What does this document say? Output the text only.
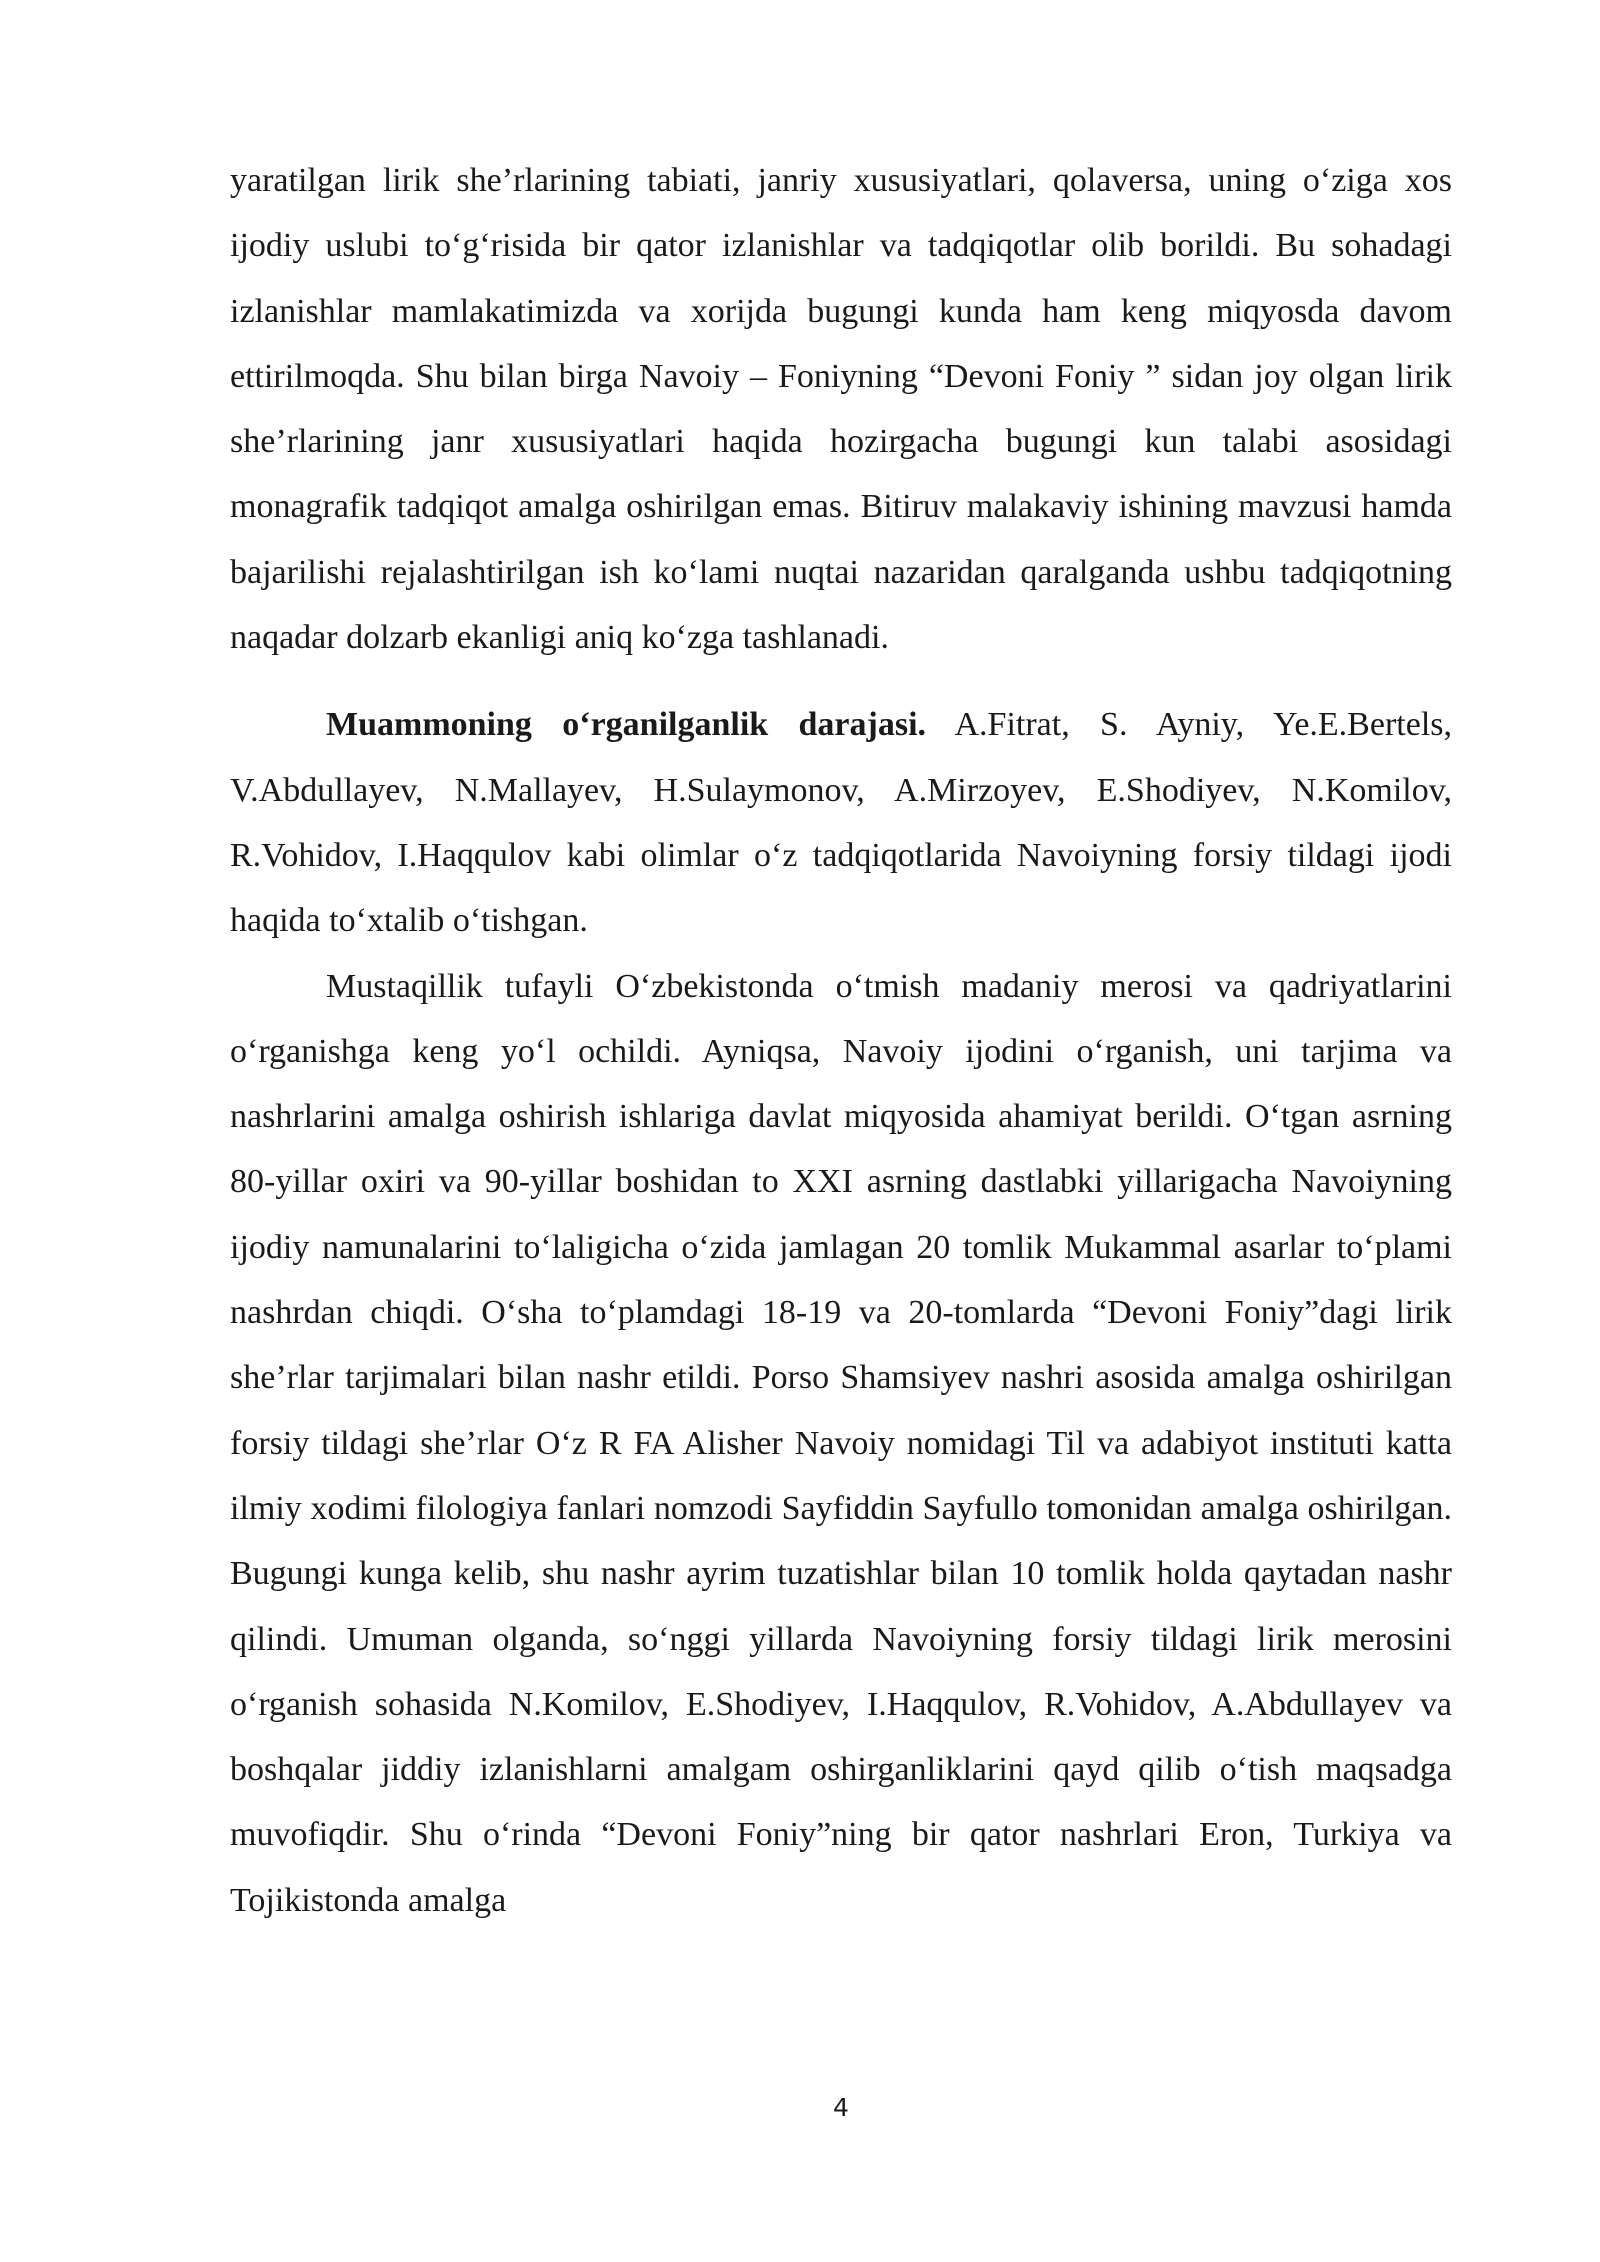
yaratilgan lirik she’rlarining tabiati, janriy xususiyatlari, qolaversa, uning o‘ziga xos ijodiy uslubi to‘g‘risida bir qator izlanishlar va tadqiqotlar olib borildi. Bu sohadagi izlanishlar mamlakatimizda va xorijda bugungi kunda ham keng miqyosda davom ettirilmoqda. Shu bilan birga Navoiy – Foniyning “Devoni Foniy ” sidan joy olgan lirik she’rlarining janr xususiyatlari haqida hozirgacha bugungi kun talabi asosidagi monagrafik tadqiqot amalga oshirilgan emas. Bitiruv malakaviy ishining mavzusi hamda bajarilishi rejalashtirilgan ish ko‘lami nuqtai nazaridan qaralganda ushbu tadqiqotning naqadar dolzarb ekanligi aniq ko‘zga tashlanadi.

Muammoning o‘rganilganlik darajasi. A.Fitrat, S. Ayniy, Ye.E.Bertels, V.Abdullayev, N.Mallayev, H.Sulaymonov, A.Mirzoyev, E.Shodiyev, N.Komilov, R.Vohidov, I.Haqqulov kabi olimlar o‘z tadqiqotlarida Navoiyning forsiy tildagi ijodi haqida to‘xtalib o‘tishgan.

Mustaqillik tufayli O‘zbekistonda o‘tmish madaniy merosi va qadriyatlarini o‘rganishga keng yo‘l ochildi. Ayniqsa, Navoiy ijodini o‘rganish, uni tarjima va nashrlarini amalga oshirish ishlariga davlat miqyosida ahamiyat berildi. O‘tgan asrning 80-yillar oxiri va 90-yillar boshidan to XXI asrning dastlabki yillarigacha Navoiyning ijodiy namunalarini to‘laligicha o‘zida jamlagan 20 tomlik Mukammal asarlar to‘plami nashrdan chiqdi. O‘sha to‘plamdagi 18-19 va 20-tomlarda “Devoni Foniy”dagi lirik she’rlar tarjimalari bilan nashr etildi. Porso Shamsiyev nashri asosida amalga oshirilgan forsiy tildagi she’rlar O‘z R FA Alisher Navoiy nomidagi Til va adabiyot instituti katta ilmiy xodimi filologiya fanlari nomzodi Sayfiddin Sayfullo tomonidan amalga oshirilgan. Bugungi kunga kelib, shu nashr ayrim tuzatishlar bilan 10 tomlik holda qaytadan nashr qilindi. Umuman olganda, so‘nggi yillarda Navoiyning forsiy tildagi lirik merosini o‘rganish sohasida N.Komilov, E.Shodiyev, I.Haqqulov, R.Vohidov, A.Abdullayev va boshqalar jiddiy izlanishlarni amalgam oshirganliklarini qayd qilib o‘tish maqsadga muvofiqdir. Shu o‘rinda “Devoni Foniy”ning bir qator nashrlari Eron, Turkiya va Tojikistonda amalga

4
